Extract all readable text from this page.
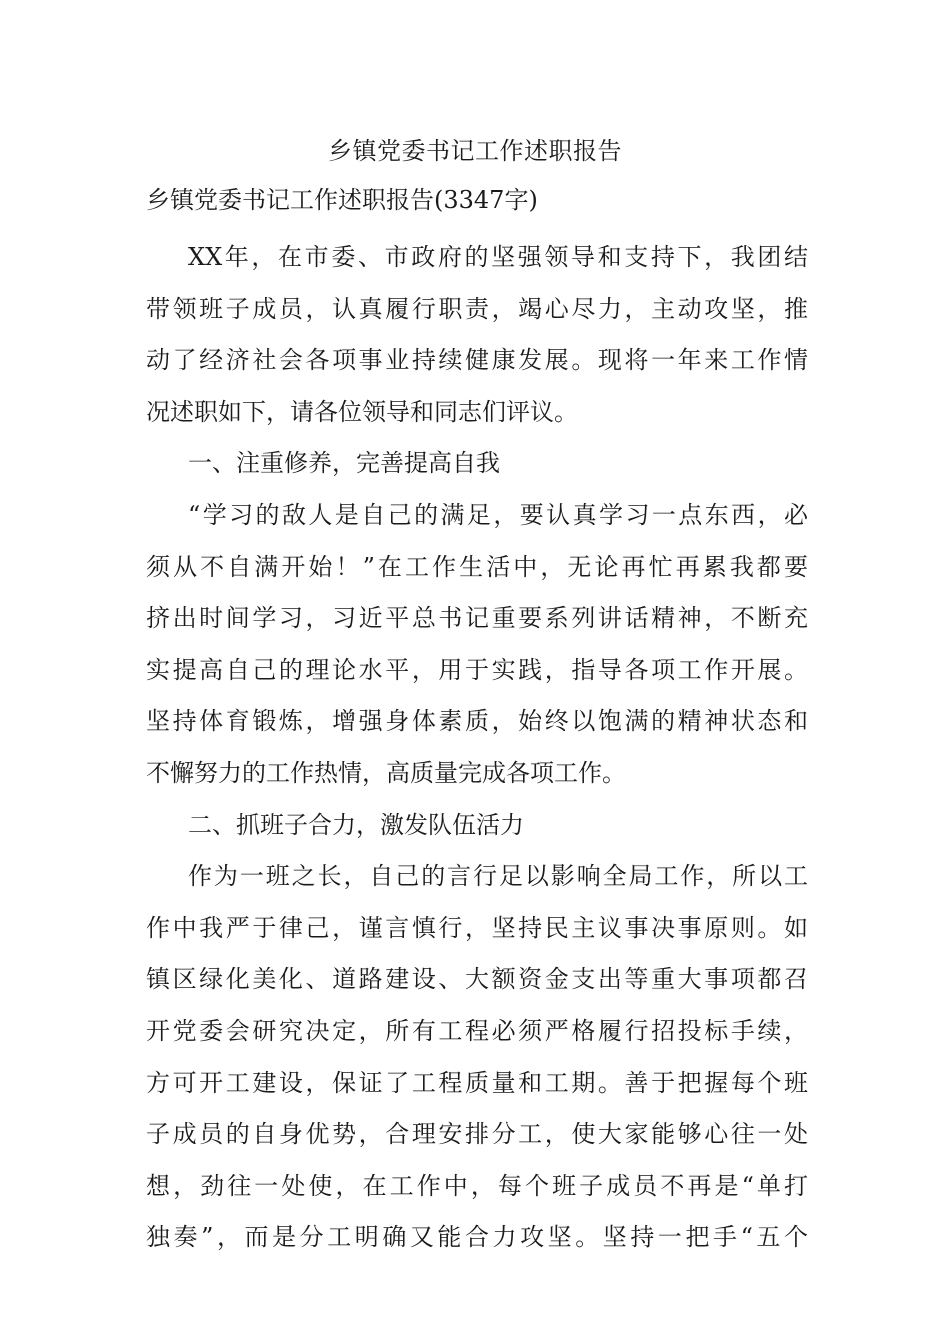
乡镇党委书记工作述职报告
乡镇党委书记工作述职报告(3347字)
XX年，在市委、市政府的坚强领导和支持下，我团结
带领班子成员，认真履行职责，竭心尽力，主动攻坚，推
动了经济社会各项事业持续健康发展。现将一年来工作情
况述职如下，请各位领导和同志们评议。
一、注重修养，完善提高自我
“学习的敌人是自己的满足，要认真学习一点东西，必
须从不自满开始！”在工作生活中，无论再忙再累我都要
挤出时间学习，习近平总书记重要系列讲话精神，不断充
实提高自己的理论水平，用于实践，指导各项工作开展。
坚持体育锻炼，增强身体素质，始终以饱满的精神状态和
不懈努力的工作热情，高质量完成各项工作。
二、抓班子合力，激发队伍活力
作为一班之长，自己的言行足以影响全局工作，所以工
作中我严于律己，谨言慎行，坚持民主议事决事原则。如
镇区绿化美化、道路建设、大额资金支出等重大事项都召
开党委会研究决定，所有工程必须严格履行招投标手续，
方可开工建设，保证了工程质量和工期。善于把握每个班
子成员的自身优势，合理安排分工，使大家能够心往一处
想，劲往一处使，在工作中，每个班子成员不再是“单打
独奏”，而是分工明确又能合力攻坚。坚持一把手“五个
